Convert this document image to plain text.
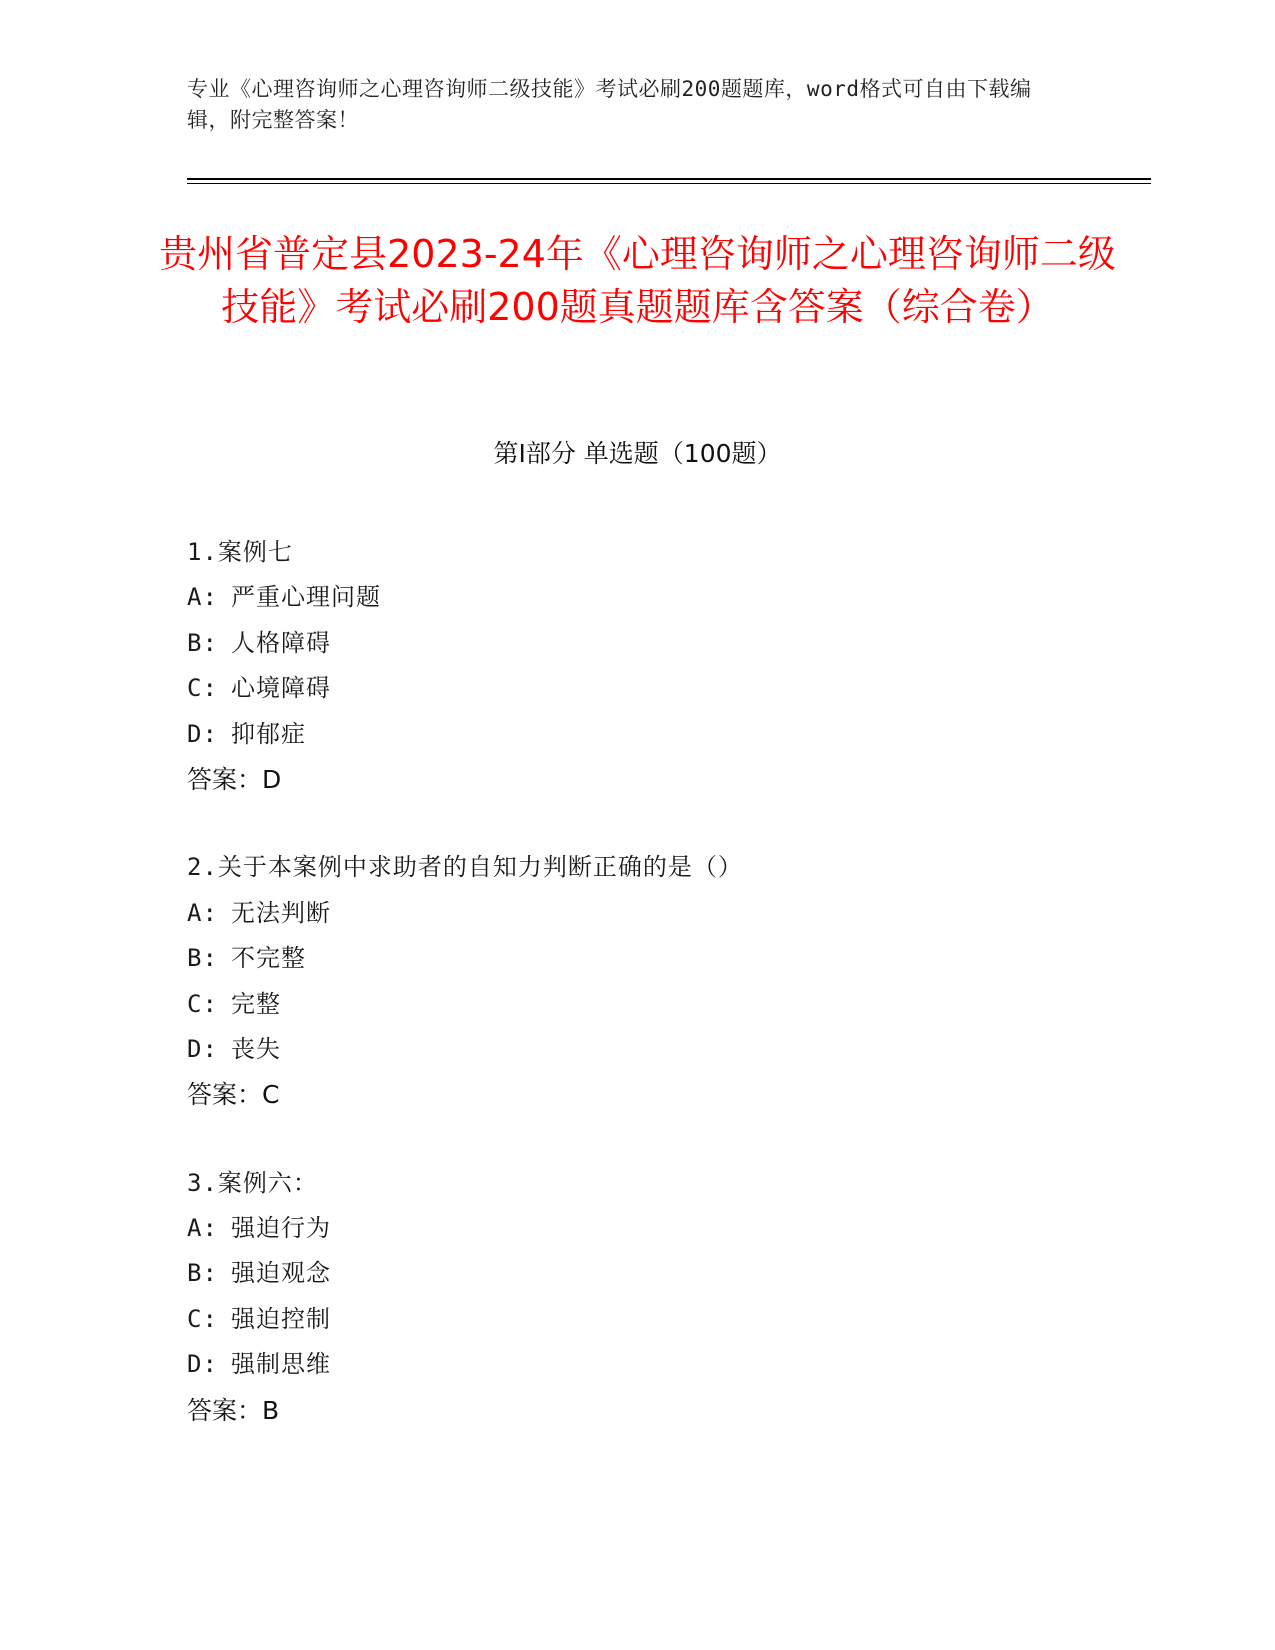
专业《心理咨询师之心理咨询师二级技能》考试必刷200题题库，word格式可自由下载编辑，附完整答案！
贵州省普定县2023-24年《心理咨询师之心理咨询师二级技能》考试必刷200题真题题库含答案（综合卷）
第Ⅰ部分 单选题（100题）
1.案例七
A: 严重心理问题
B: 人格障碍
C: 心境障碍
D: 抑郁症
答案：D
2.关于本案例中求助者的自知力判断正确的是（）
A: 无法判断
B: 不完整
C: 完整
D: 丧失
答案：C
3.案例六：
A: 强迫行为
B: 强迫观念
C: 强迫控制
D: 强制思维
答案：B
